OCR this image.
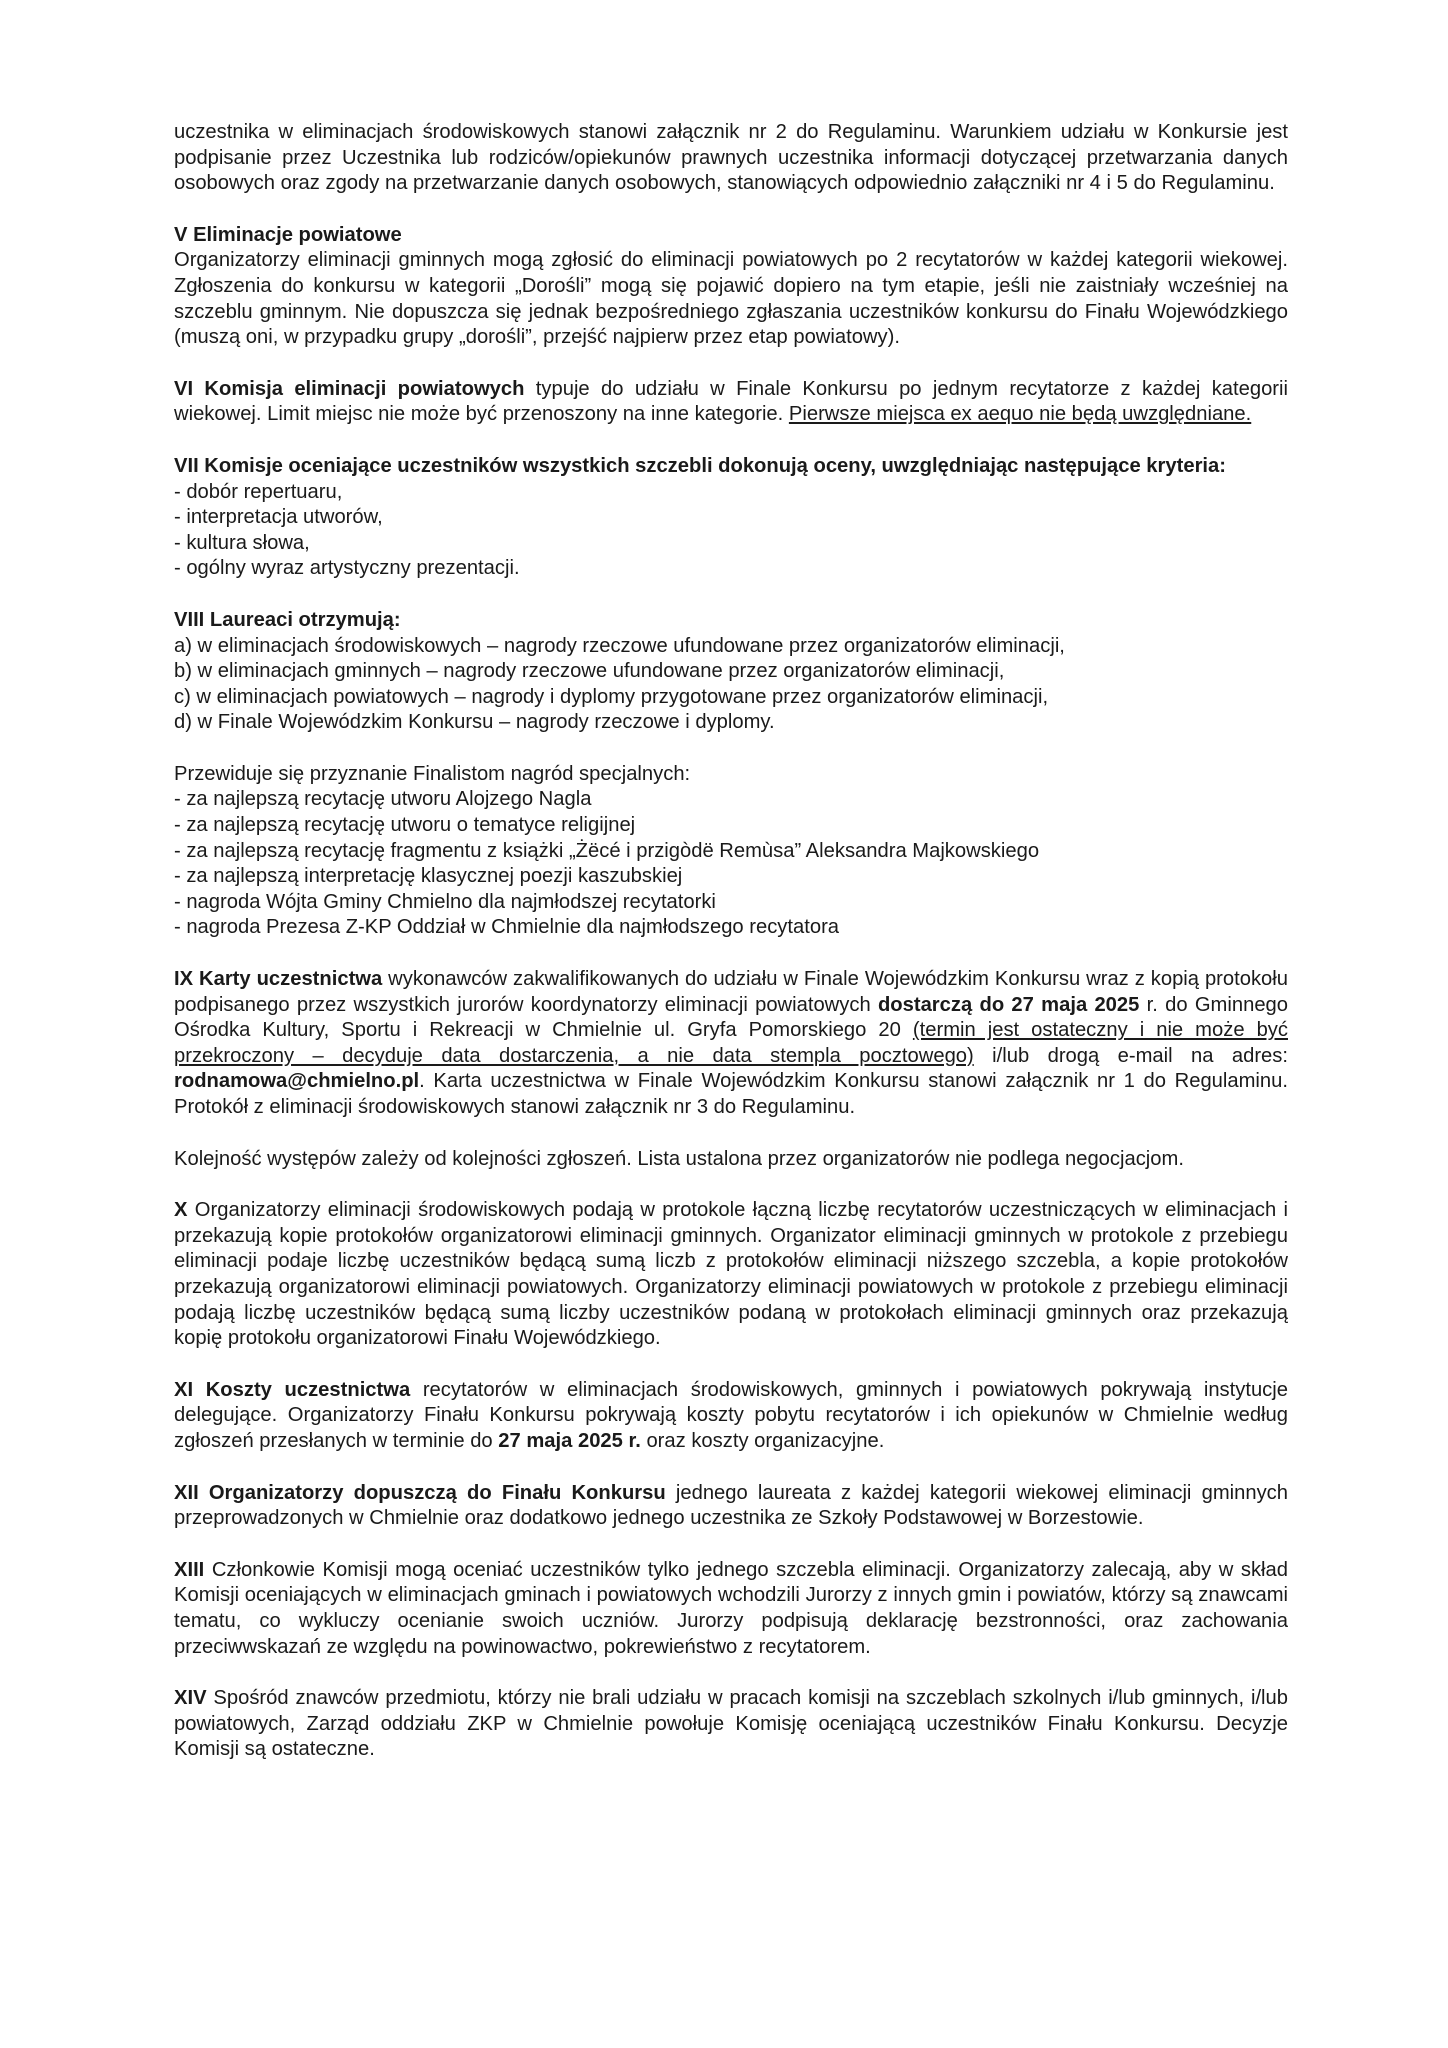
uczestnika w eliminacjach środowiskowych stanowi załącznik nr 2 do Regulaminu. Warunkiem udziału w Konkursie jest podpisanie przez Uczestnika lub rodziców/opiekunów prawnych uczestnika informacji dotyczącej przetwarzania danych osobowych oraz zgody na przetwarzanie danych osobowych, stanowiących odpowiednio załączniki nr 4 i 5 do Regulaminu.

V Eliminacje powiatowe
Organizatorzy eliminacji gminnych mogą zgłosić do eliminacji powiatowych po 2 recytatorów w każdej kategorii wiekowej. Zgłoszenia do konkursu w kategorii „Dorośli” mogą się pojawić dopiero na tym etapie, jeśli nie zaistniały wcześniej na szczeblu gminnym. Nie dopuszcza się jednak bezpośredniego zgłaszania uczestników konkursu do Finału Wojewódzkiego (muszą oni, w przypadku grupy „dorośli”, przejść najpierw przez etap powiatowy).

VI Komisja eliminacji powiatowych typuje do udziału w Finale Konkursu po jednym recytatorze z każdej kategorii wiekowej. Limit miejsc nie może być przenoszony na inne kategorie. Pierwsze miejsca ex aequo nie będą uwzględniane.

VII Komisje oceniające uczestników wszystkich szczebli dokonują oceny, uwzględniając następujące kryteria:
- dobór repertuaru,
- interpretacja utworów,
- kultura słowa,
- ogólny wyraz artystyczny prezentacji.
VIII Laureaci otrzymują:
a) w eliminacjach środowiskowych – nagrody rzeczowe ufundowane przez organizatorów eliminacji,
b) w eliminacjach gminnych – nagrody rzeczowe ufundowane przez organizatorów eliminacji,
c) w eliminacjach powiatowych – nagrody i dyplomy przygotowane przez organizatorów eliminacji,
d) w Finale Wojewódzkim Konkursu – nagrody rzeczowe i dyplomy.
Przewiduje się przyznanie Finalistom nagród specjalnych:
- za najlepszą recytację utworu Alojzego Nagla
- za najlepszą recytację utworu o tematyce religijnej
- za najlepszą recytację fragmentu z książki „Żëcé i przigòdë Remùsa” Aleksandra Majkowskiego
- za najlepszą interpretację klasycznej poezji kaszubskiej
- nagroda Wójta Gminy Chmielno dla najmłodszej recytatorki
- nagroda Prezesa Z-KP Oddział w Chmielnie dla najmłodszego recytatora

IX Karty uczestnictwa wykonawców zakwalifikowanych do udziału w Finale Wojewódzkim Konkursu wraz z kopią protokołu podpisanego przez wszystkich jurorów koordynatorzy eliminacji powiatowych dostarczą do 27 maja 2025 r. do Gminnego Ośrodka Kultury, Sportu i Rekreacji w Chmielnie ul. Gryfa Pomorskiego 20 (termin jest ostateczny i nie może być przekroczony – decyduje data dostarczenia, a nie data stempla pocztowego) i/lub drogą e-mail na adres: rodnamowa@chmielno.pl. Karta uczestnictwa w Finale Wojewódzkim Konkursu stanowi załącznik nr 1 do Regulaminu. Protokół z eliminacji środowiskowych stanowi załącznik nr 3 do Regulaminu.

Kolejność występów zależy od kolejności zgłoszeń. Lista ustalona przez organizatorów nie podlega negocjacjom.

X Organizatorzy eliminacji środowiskowych podają w protokole łączną liczbę recytatorów uczestniczących w eliminacjach i przekazują kopie protokołów organizatorowi eliminacji gminnych. Organizator eliminacji gminnych w protokole z przebiegu eliminacji podaje liczbę uczestników będącą sumą liczb z protokołów eliminacji niższego szczebla, a kopie protokołów przekazują organizatorowi eliminacji powiatowych. Organizatorzy eliminacji powiatowych w protokole z przebiegu eliminacji podają liczbę uczestników będącą sumą liczby uczestników podaną w protokołach eliminacji gminnych oraz przekazują kopię protokołu organizatorowi Finału Wojewódzkiego.

XI Koszty uczestnictwa recytatorów w eliminacjach środowiskowych, gminnych i powiatowych pokrywają instytucje delegujące. Organizatorzy Finału Konkursu pokrywają koszty pobytu recytatorów i ich opiekunów w Chmielnie według zgłoszeń przesłanych w terminie do 27 maja 2025 r. oraz koszty organizacyjne.

XII Organizatorzy dopuszczą do Finału Konkursu jednego laureata z każdej kategorii wiekowej eliminacji gminnych przeprowadzonych w Chmielnie oraz dodatkowo jednego uczestnika ze Szkoły Podstawowej w Borzestowie.

XIII Członkowie Komisji mogą oceniać uczestników tylko jednego szczebla eliminacji. Organizatorzy zalecają, aby w skład Komisji oceniających w eliminacjach gminach i powiatowych wchodzili Jurorzy z innych gmin i powiatów, którzy są znawcami tematu, co wykluczy ocenianie swoich uczniów. Jurorzy podpisują deklarację bezstronności, oraz zachowania przeciwwskazań ze względu na powinowactwo, pokrewieństwo z recytatorem.

XIV Spośród znawców przedmiotu, którzy nie brali udziału w pracach komisji na szczeblach szkolnych i/lub gminnych, i/lub powiatowych, Zarząd oddziału ZKP w Chmielnie powołuje Komisję oceniającą uczestników Finału Konkursu. Decyzje Komisji są ostateczne.
